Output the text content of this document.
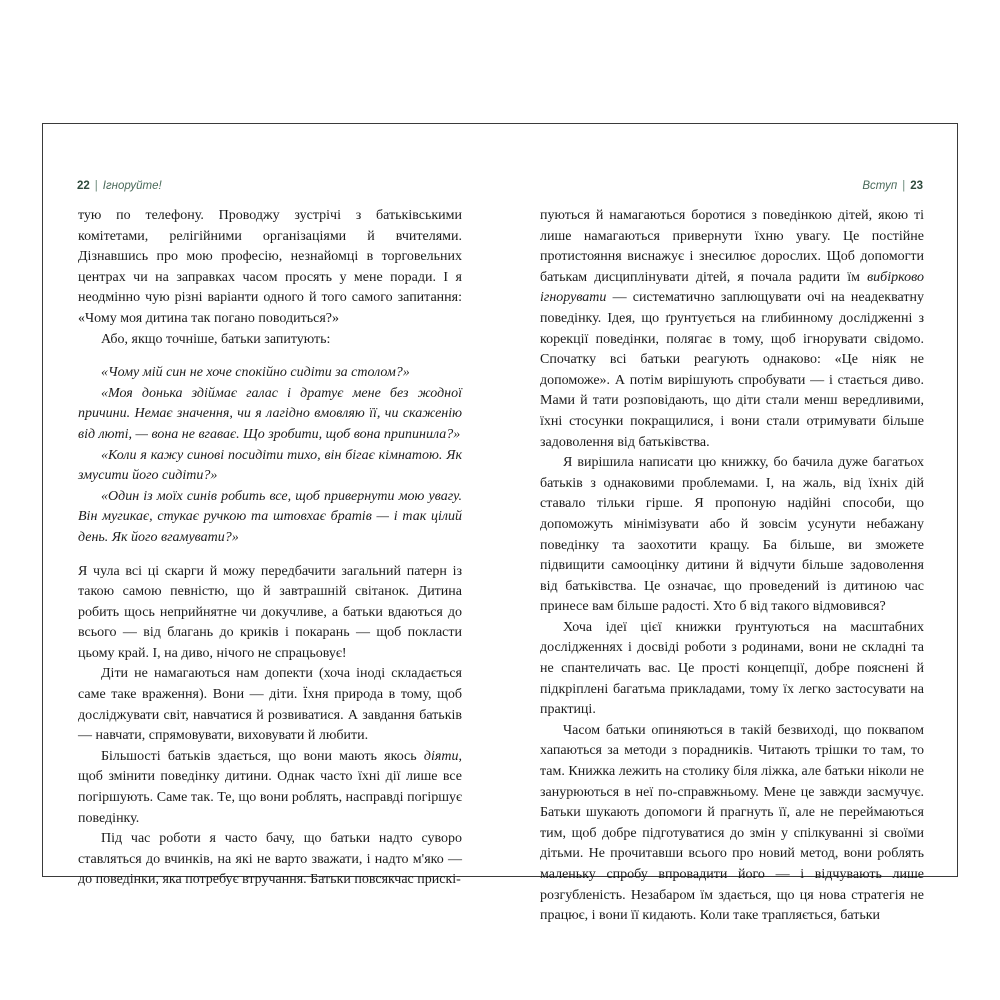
22 | Ігноруйте!	Вступ | 23

тую по телефону. Проводжу зустрічі з батьківськими комітетами, релігійними організаціями й вчителями. Дізнавшись про мою професію, незнайомці в торговельних центрах чи на заправках часом просять у мене поради. І я неодмінно чую різні варіанти одного й того самого запитання: «Чому моя дитина так погано поводиться?»

Або, якщо точніше, батьки запитують:

«Чому мій син не хоче спокійно сидіти за столом?»

«Моя донька здіймає галас і дратує мене без жодної причини. Немає значення, чи я лагідно вмовляю її, чи скаженію від люті, — вона не вгаває. Що зробити, щоб вона припинила?»

«Коли я кажу синові посидіти тихо, він бігає кімнатою. Як змусити його сидіти?»

«Один із моїх синів робить все, щоб привернути мою увагу. Він мугикає, стукає ручкою та штовхає братів — і так цілий день. Як його вгамувати?»

Я чула всі ці скарги й можу передбачити загальний патерн із такою самою певністю, що й завтрашній світанок. Дитина робить щось неприйнятне чи докучливе, а батьки вдаються до всього — від благань до криків і покарань — щоб покласти цьому край. І, на диво, нічого не спрацьовує!

Діти не намагаються нам допекти (хоча іноді складається саме таке враження). Вони — діти. Їхня природа в тому, щоб досліджувати світ, навчатися й розвиватися. А завдання батьків — навчати, спрямовувати, виховувати й любити.

Більшості батьків здається, що вони мають якось діяти, щоб змінити поведінку дитини. Однак часто їхні дії лише все погіршують. Саме так. Те, що вони роблять, насправді погіршує поведінку.

Під час роботи я часто бачу, що батьки надто суворо ставляться до вчинків, на які не варто зважати, і надто м'яко — до поведінки, яка потребує втручання. Батьки повсякчас прискі-

пуються й намагаються боротися з поведінкою дітей, якою ті лише намагаються привернути їхню увагу. Це постійне протистояння виснажує і знесилює дорослих. Щоб допомогти батькам дисциплінувати дітей, я почала радити їм вибірково ігнорувати — систематично заплющувати очі на неадекватну поведінку. Ідея, що ґрунтується на глибинному дослідженні з корекції поведінки, полягає в тому, щоб ігнорувати свідомо. Спочатку всі батьки реагують однаково: «Це ніяк не допоможе». А потім вирішують спробувати — і стається диво. Мами й тати розповідають, що діти стали менш вередливими, їхні стосунки покращилися, і вони стали отримувати більше задоволення від батьківства.

Я вирішила написати цю книжку, бо бачила дуже багатьох батьків з однаковими проблемами. І, на жаль, від їхніх дій ставало тільки гірше. Я пропоную надійні способи, що допоможуть мінімізувати або й зовсім усунути небажану поведінку та заохотити кращу. Ба більше, ви зможете підвищити самооцінку дитини й відчути більше задоволення від батьківства. Це означає, що проведений із дитиною час принесе вам більше радості. Хто б від такого відмовився?

Хоча ідеї цієї книжки ґрунтуються на масштабних дослідженнях і досвіді роботи з родинами, вони не складні та не спантеличать вас. Це прості концепції, добре пояснені й підкріплені багатьма прикладами, тому їх легко застосувати на практиці.

Часом батьки опиняються в такій безвиході, що поквапом хапаються за методи з порадників. Читають трішки то там, то там. Книжка лежить на столику біля ліжка, але батьки ніколи не занурюються в неї по-справжньому. Мене це завжди засмучує. Батьки шукають допомоги й прагнуть її, але не переймаються тим, щоб добре підготуватися до змін у спілкуванні зі своїми дітьми. Не прочитавши всього про новий метод, вони роблять маленьку спробу впровадити його — і відчувають лише розгубленість. Незабаром їм здається, що ця нова стратегія не працює, і вони її кидають. Коли таке трапляється, батьки
